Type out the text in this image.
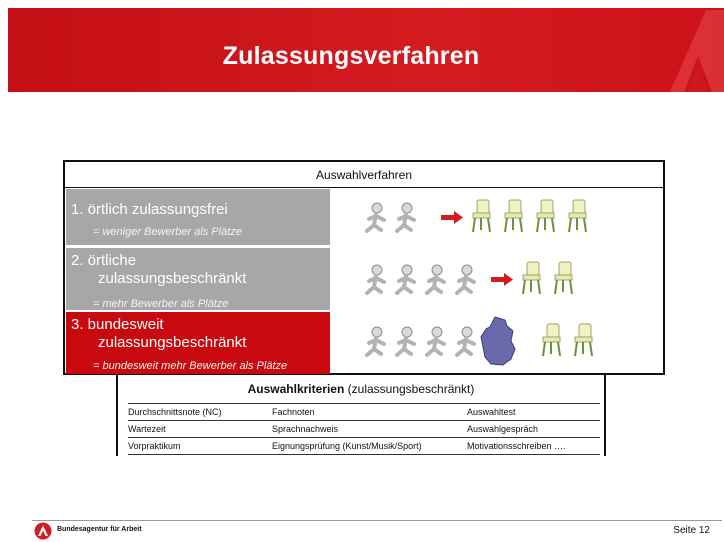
Zulassungsverfahren
Auswahlverfahren
1. örtlich zulassungsfrei
= weniger Bewerber als Plätze
2. örtliche
zulassungsbeschränkt
= mehr Bewerber als Plätze
3. bundesweit
zulassungsbeschränkt
= bundesweit mehr Bewerber als Plätze
Auswahlkriterien (zulassungsbeschränkt)
Durchschnittsnote (NC)	Fachnoten	Auswahltest
Wartezeit	Sprachnachweis	Auswahlgespräch
Vorpraktikum	Eignungsprüfung (Kunst/Musik/Sport)	Motivationsschreiben ….
Bundesagentur für Arbeit	Seite 12
